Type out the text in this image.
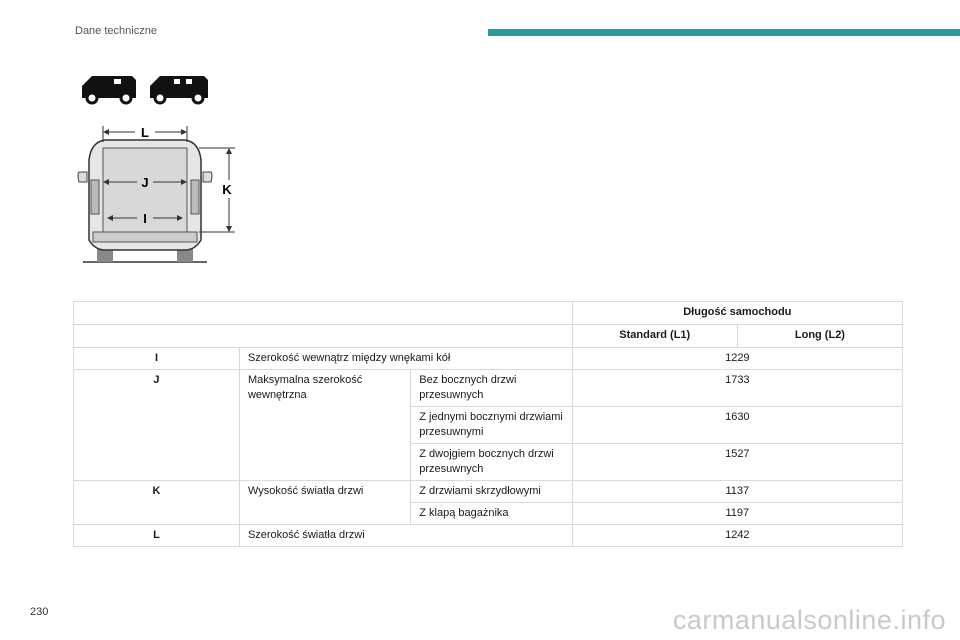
Dane techniczne
L
J
I
K
			Długość samochodu	
			Standard (L1)	Long (L2)
I	Szerokość wewnątrz między wnękami kół		1229	
J	Maksymalna szerokość wewnętrzna	Bez bocznych drzwi przesuwnych	1733	
		Z jednymi bocznymi drzwiami przesuwnymi	1630	
		Z dwojgiem bocznych drzwi przesuwnych	1527	
K	Wysokość światła drzwi	Z drzwiami skrzydłowymi	1137	
		Z klapą bagażnika	1197	
L	Szerokość światła drzwi		1242	
230	carmanualsonline.info
